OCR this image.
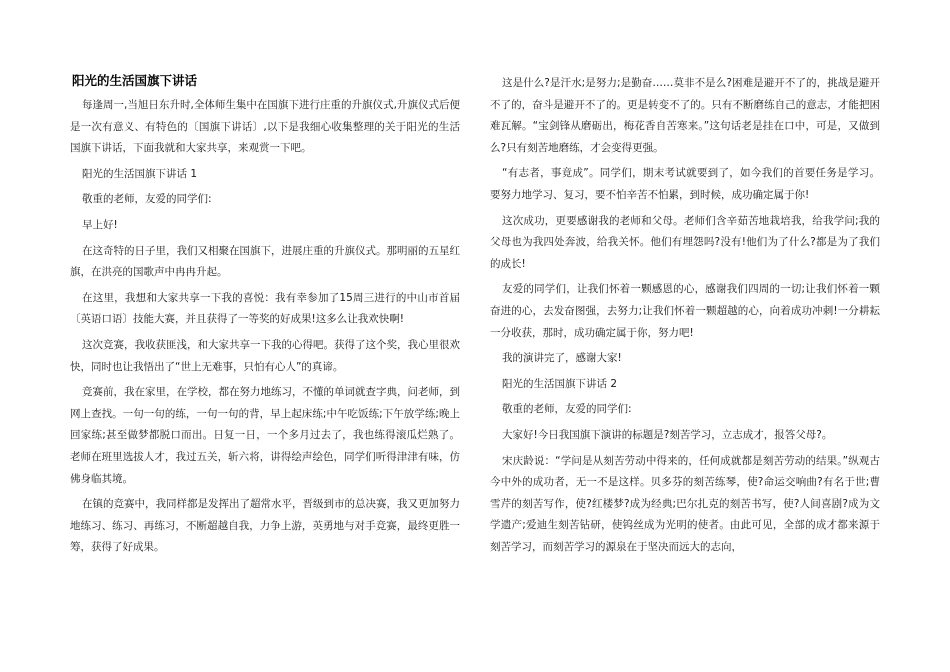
阳光的生活国旗下讲话

每逢周一,当旭日东升时,全体师生集中在国旗下进行庄重的升旗仪式,升旗仪式后便是一次有意义、有特色的〔国旗下讲话〕,以下是我细心收集整理的关于阳光的生活国旗下讲话，下面我就和大家共享，来观赏一下吧。

阳光的生活国旗下讲话 1

敬重的老师，友爱的同学们:

早上好!

在这奇特的日子里，我们又相聚在国旗下，进展庄重的升旗仪式。那明丽的五星红旗，在洪亮的国歌声中冉冉升起。

在这里，我想和大家共享一下我的喜悦：我有幸参加了15周三进行的中山市首届〔英语口语〕技能大赛，并且获得了一等奖的好成果!这多么让我欢快啊!

这次竞赛，我收获匪浅，和大家共享一下我的心得吧。获得了这个奖，我心里很欢快，同时也让我悟出了“世上无难事，只怕有心人”的真谛。

竞赛前，我在家里，在学校，都在努力地练习，不懂的单词就查字典，问老师，到网上查找。一句一句的练，一句一句的背，早上起床练;中午吃饭练;下午放学练;晚上回家练;甚至做梦都脱口而出。日复一日，一个多月过去了，我也练得滚瓜烂熟了。老师在班里选拔人才，我过五关，斩六将，讲得绘声绘色，同学们听得津津有味，仿佛身临其境。

在镇的竞赛中，我同样都是发挥出了超常水平，晋级到市的总决赛，我又更加努力地练习、练习、再练习，不断超越自我，力争上游，英勇地与对手竞赛，最终更胜一筹，获得了好成果。

这是什么?是汗水;是努力;是勤奋……莫非不是么?困难是避开不了的，挑战是避开不了的，奋斗是避开不了的。更是转变不了的。只有不断磨练自己的意志，才能把困难瓦解。“宝剑锋从磨砺出，梅花香自苦寒来。”这句话老是挂在口中，可是，又做到么?只有刻苦地磨练，才会变得更强。

“有志者，事竟成”。同学们，期末考试就要到了，如今我们的首要任务是学习。要努力地学习、复习，要不怕辛苦不怕累，到时候，成功确定属于你!

这次成功，更要感谢我的老师和父母。老师们含辛茹苦地栽培我，给我学问;我的父母也为我四处奔波，给我关怀。他们有埋怨吗?没有!他们为了什么?都是为了我们的成长!

友爱的同学们，让我们怀着一颗感恩的心，感谢我们四周的一切;让我们怀着一颗奋进的心，去发奋图强，去努力;让我们怀着一颗超越的心，向着成功冲刺!一分耕耘一分收获，那时，成功确定属于你，努力吧!

我的演讲完了，感谢大家!

阳光的生活国旗下讲话 2

敬重的老师，友爱的同学们:

大家好!今日我国旗下演讲的标题是?刻苦学习，立志成才，报答父母?。

宋庆龄说：“学问是从刻苦劳动中得来的，任何成就都是刻苦劳动的结果。”纵观古今中外的成功者，无一不是这样。贝多芬的刻苦练琴，使?命运交响曲?有名于世;曹雪芹的刻苦写作，使?红楼梦?成为经典;巴尔扎克的刻苦书写，使?人间喜剧?成为文学遗产;爱迪生刻苦钻研，使钨丝成为光明的使者。由此可见，全部的成才都来源于刻苦学习，而刻苦学习的源泉在于坚决而远大的志向，
